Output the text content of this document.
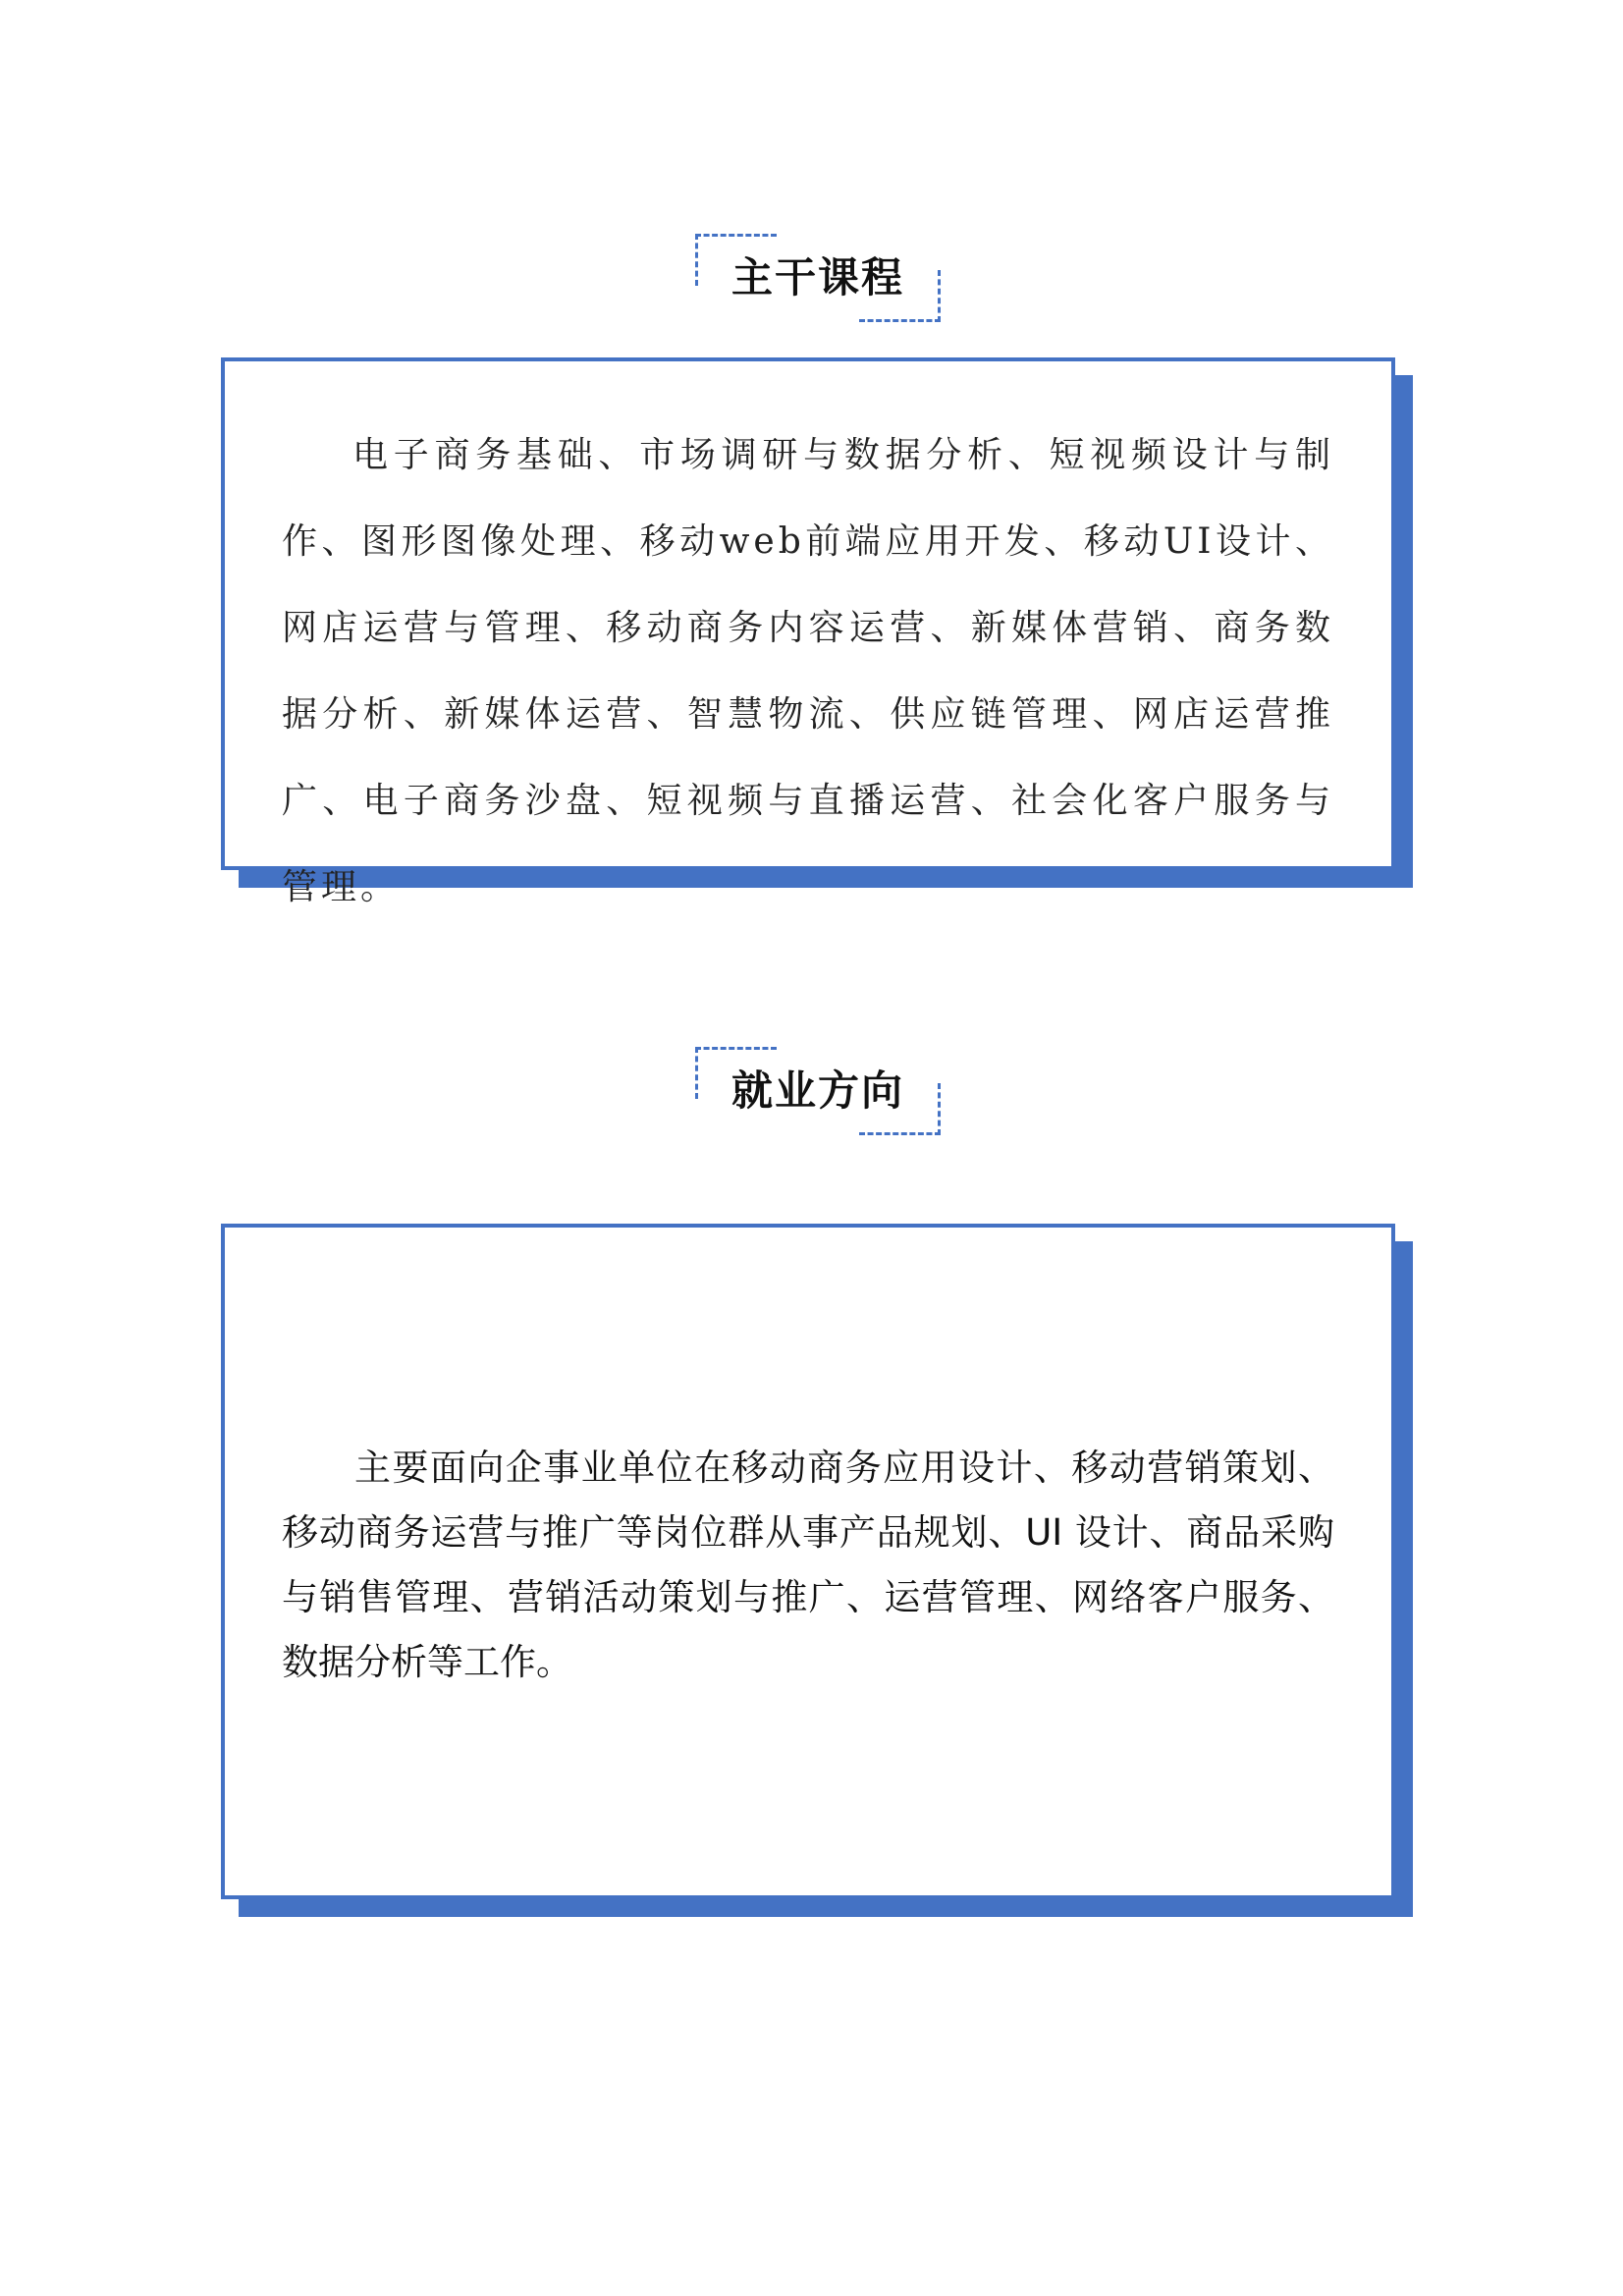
主干课程
电子商务基础、市场调研与数据分析、短视频设计与制作、图形图像处理、移动web前端应用开发、移动UI设计、网店运营与管理、移动商务内容运营、新媒体营销、商务数据分析、新媒体运营、智慧物流、供应链管理、网店运营推广、电子商务沙盘、短视频与直播运营、社会化客户服务与管理。
就业方向
主要面向企事业单位在移动商务应用设计、移动营销策划、移动商务运营与推广等岗位群从事产品规划、UI 设计、商品采购与销售管理、营销活动策划与推广、运营管理、网络客户服务、数据分析等工作。
